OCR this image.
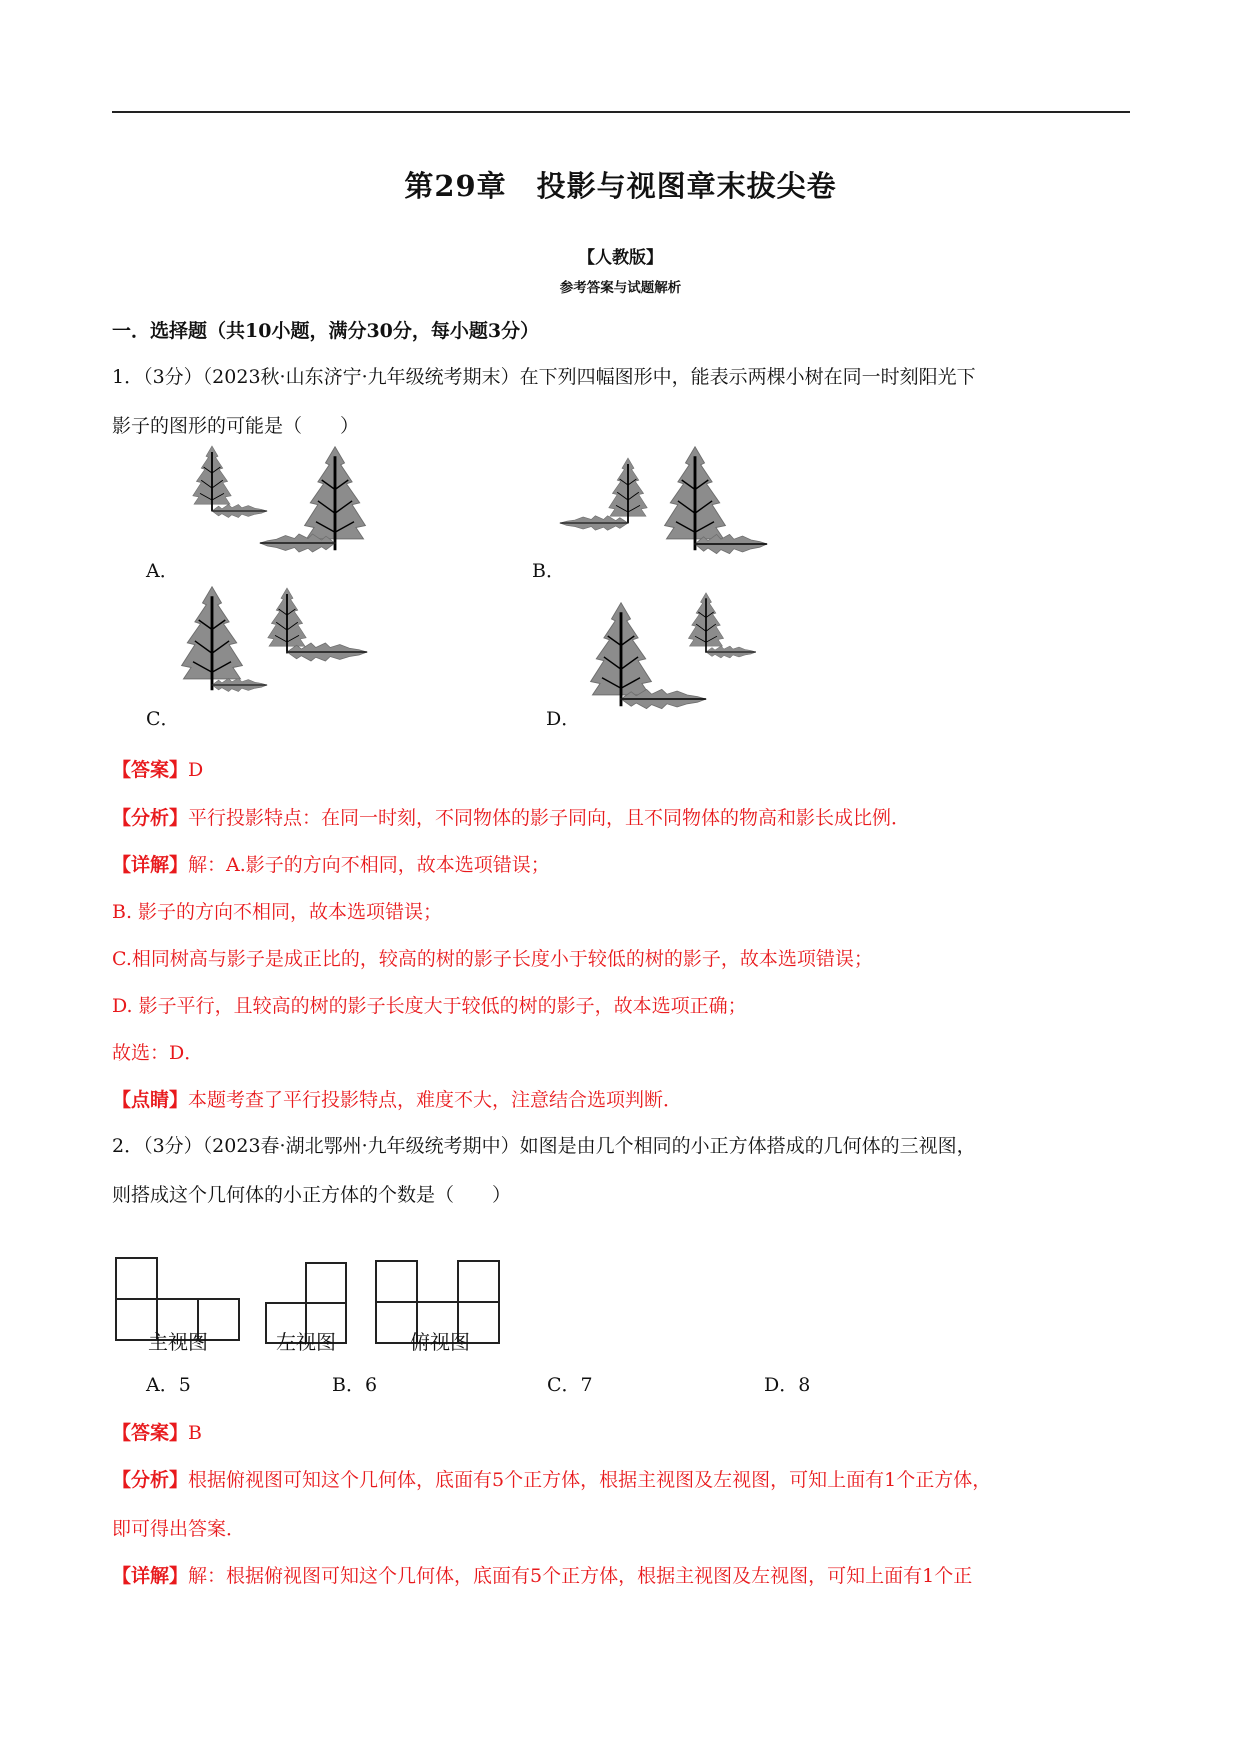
第29章　投影与视图章末拔尖卷
【人教版】
参考答案与试题解析
一．选择题（共10小题，满分30分，每小题3分）
1．（3分）（2023秋·山东济宁·九年级统考期末）在下列四幅图形中，能表示两棵小树在同一时刻阳光下
影子的图形的可能是（　　）
A．	B．
C．	D．
【答案】D
【分析】平行投影特点：在同一时刻，不同物体的影子同向，且不同物体的物高和影长成比例．
【详解】解：A.影子的方向不相同，故本选项错误；
B. 影子的方向不相同，故本选项错误；
C.相同树高与影子是成正比的，较高的树的影子长度小于较低的树的影子，故本选项错误；
D. 影子平行，且较高的树的影子长度大于较低的树的影子，故本选项正确；
故选：D．
【点睛】本题考查了平行投影特点，难度不大，注意结合选项判断．
2．（3分）（2023春·湖北鄂州·九年级统考期中）如图是由几个相同的小正方体搭成的几何体的三视图，
则搭成这个几何体的小正方体的个数是（　　）
主视图	左视图	俯视图
A．5	B．6	C．7	D．8
【答案】B
【分析】根据俯视图可知这个几何体，底面有5个正方体，根据主视图及左视图，可知上面有1个正方体，
即可得出答案．
【详解】解：根据俯视图可知这个几何体，底面有5个正方体，根据主视图及左视图，可知上面有1个正
